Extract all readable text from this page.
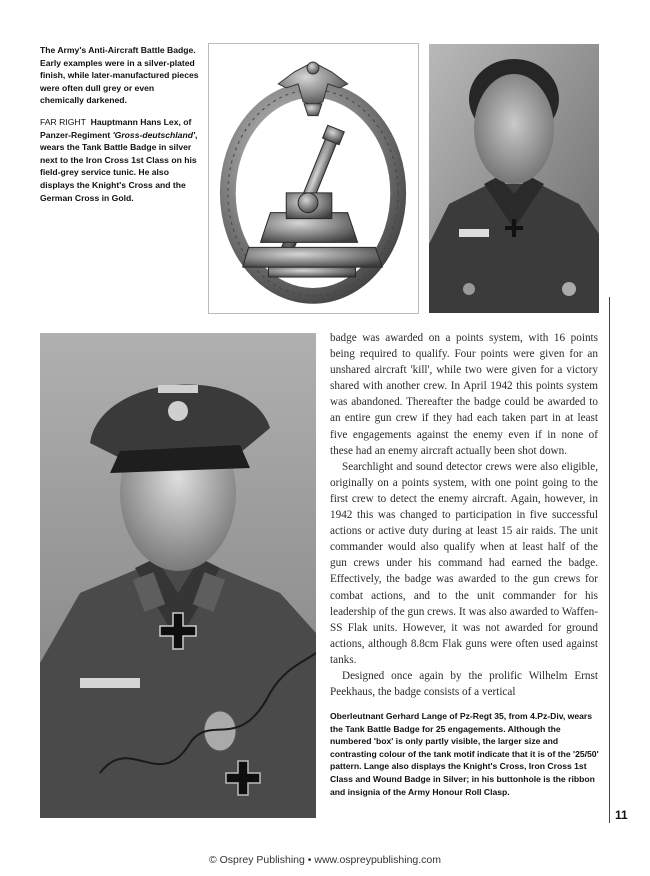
The Army's Anti-Aircraft Battle Badge. Early examples were in a silver-plated finish, while later-manufactured pieces were often dull grey or even chemically darkened.

FAR RIGHT Hauptmann Hans Lex, of Panzer-Regiment 'Gross-deutschland', wears the Tank Battle Badge in silver next to the Iron Cross 1st Class on his field-grey service tunic. He also displays the Knight's Cross and the German Cross in Gold.

badge was awarded on a points system, with 16 points being required to qualify. Four points were given for an unshared aircraft 'kill', while two were given for a victory shared with another crew. In April 1942 this points system was abandoned. Thereafter the badge could be awarded to an entire gun crew if they had each taken part in at least five engagements against the enemy even if in none of these had an enemy aircraft actually been shot down.

Searchlight and sound detector crews were also eligible, originally on a points system, with one point going to the first crew to detect the enemy aircraft. Again, however, in 1942 this was changed to participation in five successful actions or active duty during at least 15 air raids. The unit commander would also qualify when at least half of the gun crews under his command had earned the badge. Effectively, the badge was awarded to the gun crews for combat actions, and to the unit commander for his leadership of the gun crews. It was also awarded to Waffen-SS Flak units. However, it was not awarded for ground actions, although 8.8cm Flak guns were often used against tanks.

Designed once again by the prolific Wilhelm Ernst Peekhaus, the badge consists of a vertical

Oberleutnant Gerhard Lange of Pz-Regt 35, from 4.Pz-Div, wears the Tank Battle Badge for 25 engagements. Although the numbered 'box' is only partly visible, the larger size and contrasting colour of the tank motif indicate that it is of the '25/50' pattern. Lange also displays the Knight's Cross, Iron Cross 1st Class and Wound Badge in Silver; in his buttonhole is the ribbon and insignia of the Army Honour Roll Clasp.

11
© Osprey Publishing • www.ospreypublishing.com
